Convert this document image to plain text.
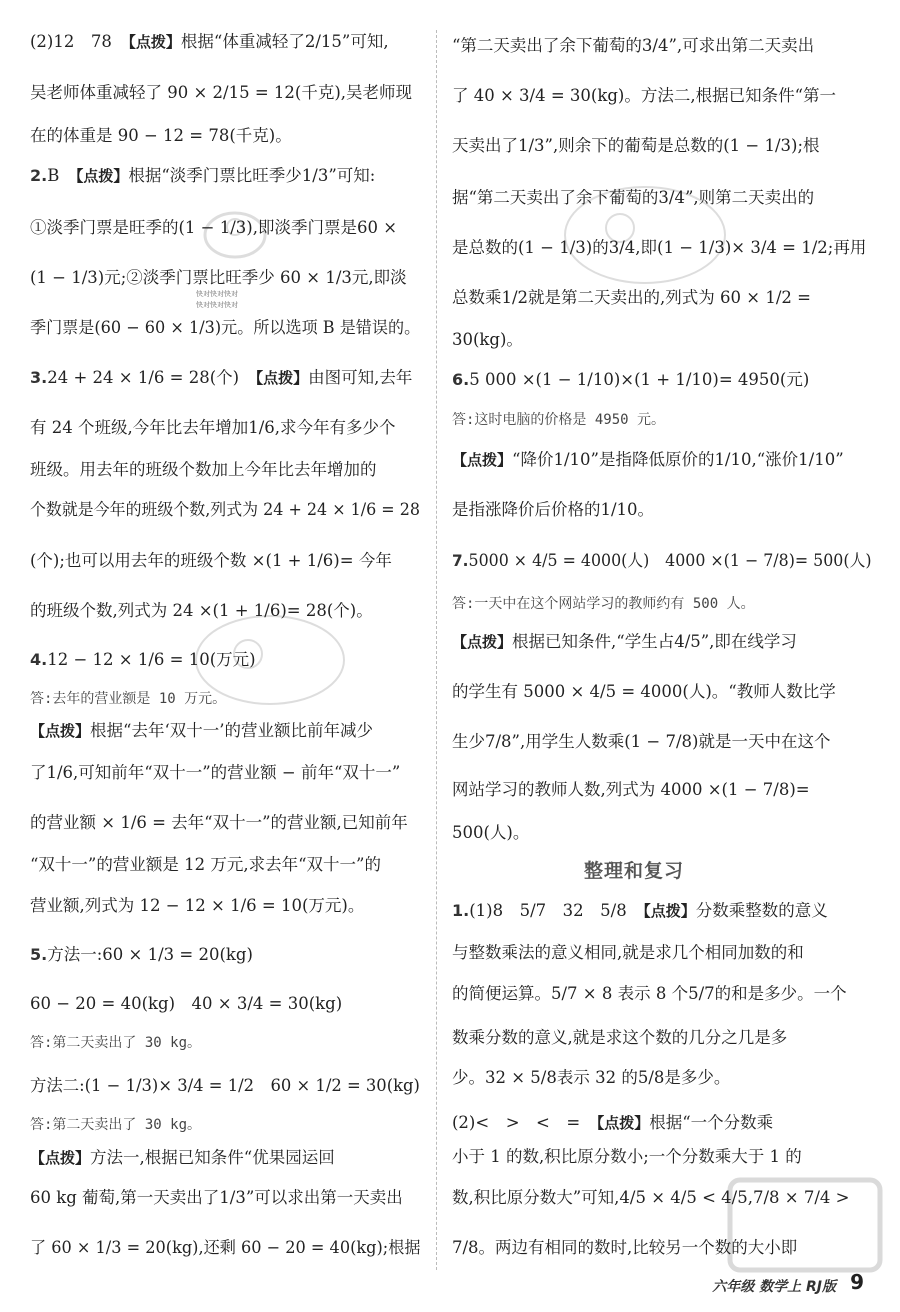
(2)12　78　【点拨】根据“体重减轻了2/15”可知,
吴老师体重减轻了 90 × 2/15 = 12(千克),吴老师现
在的体重是 90 − 12 = 78(千克)。
2.B　【点拨】根据“淡季门票比旺季少1/3”可知:
①淡季门票是旺季的(1 − 1/3),即淡季门票是60 ×
(1 − 1/3)元;②淡季门票比旺季少 60 × 1/3元,即淡
季门票是(60 − 60 × 1/3)元。所以选项 B 是错误的。
3.24 + 24 × 1/6 = 28(个)　【点拨】由图可知,去年
有 24 个班级,今年比去年增加1/6,求今年有多少个
班级。用去年的班级个数加上今年比去年增加的
个数就是今年的班级个数,列式为 24 + 24 × 1/6 = 28
(个);也可以用去年的班级个数 ×(1 + 1/6)= 今年
的班级个数,列式为 24 ×(1 + 1/6)= 28(个)。
4.12 − 12 × 1/6 = 10(万元)
答:去年的营业额是 10 万元。
【点拨】根据“去年‘双十一’的营业额比前年减少
了1/6,可知前年“双十一”的营业额 − 前年“双十一”
的营业额 × 1/6 = 去年“双十一”的营业额,已知前年
“双十一”的营业额是 12 万元,求去年“双十一”的
营业额,列式为 12 − 12 × 1/6 = 10(万元)。
5.方法一:60 × 1/3 = 20(kg)
60 − 20 = 40(kg)　40 × 3/4 = 30(kg)
答:第二天卖出了 30 kg。
方法二:(1 − 1/3)× 3/4 = 1/2　60 × 1/2 = 30(kg)
答:第二天卖出了 30 kg。
【点拨】方法一,根据已知条件“优果园运回
60 kg 葡萄,第一天卖出了1/3”可以求出第一天卖出
了 60 × 1/3 = 20(kg),还剩 60 − 20 = 40(kg);根据
“第二天卖出了余下葡萄的3/4”,可求出第二天卖出
了 40 × 3/4 = 30(kg)。方法二,根据已知条件“第一
天卖出了1/3”,则余下的葡萄是总数的(1 − 1/3);根
据“第二天卖出了余下葡萄的3/4”,则第二天卖出的
是总数的(1 − 1/3)的3/4,即(1 − 1/3)× 3/4 = 1/2;再用
总数乘1/2就是第二天卖出的,列式为 60 × 1/2 =
30(kg)。
6.5 000 ×(1 − 1/10)×(1 + 1/10)= 4950(元)
答:这时电脑的价格是 4950 元。
【点拨】“降价1/10”是指降低原价的1/10,“涨价1/10”
是指涨降价后价格的1/10。
7.5000 × 4/5 = 4000(人)　4000 ×(1 − 7/8)= 500(人)
答:一天中在这个网站学习的教师约有 500 人。
【点拨】根据已知条件,“学生占4/5”,即在线学习
的学生有 5000 × 4/5 = 4000(人)。“教师人数比学
生少7/8”,用学生人数乘(1 − 7/8)就是一天中在这个
网站学习的教师人数,列式为 4000 ×(1 − 7/8)=
500(人)。
1.(1)8　5/7　32　5/8　【点拨】分数乘整数的意义
与整数乘法的意义相同,就是求几个相同加数的和
的简便运算。5/7 × 8 表示 8 个5/7的和是多少。一个
数乘分数的意义,就是求这个数的几分之几是多
少。32 × 5/8表示 32 的5/8是多少。
(2)<　>　<　=　【点拨】根据“一个分数乘
小于 1 的数,积比原分数小;一个分数乘大于 1 的
数,积比原分数大”可知,4/5 × 4/5 < 4/5,7/8 × 7/4 >
7/8。两边有相同的数时,比较另一个数的大小即
整理和复习
快对快对快对
快对快对快对
六年级 数学上 RJ版 9
